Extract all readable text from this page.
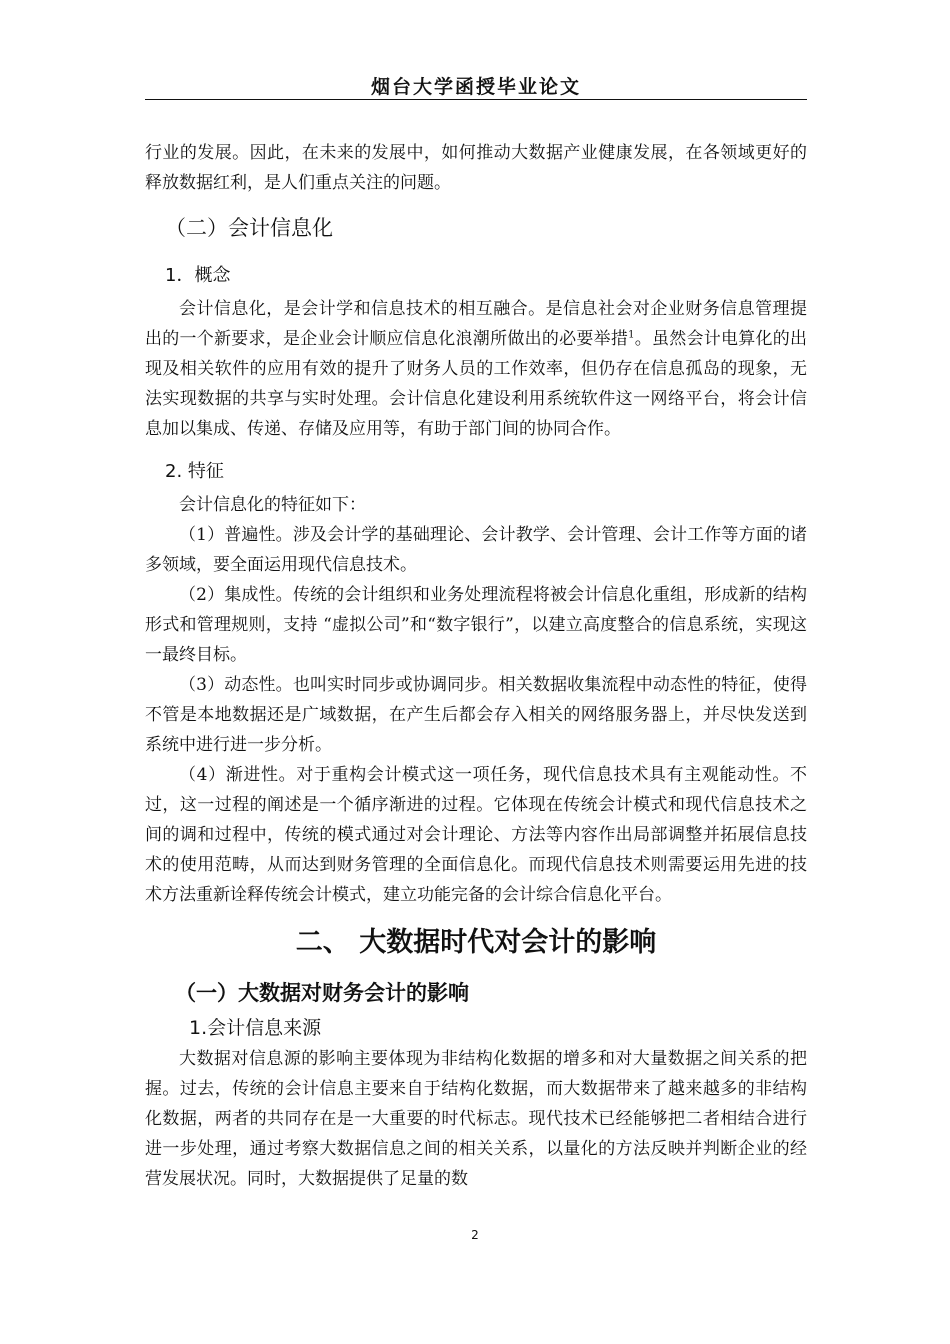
烟台大学函授毕业论文

行业的发展。因此，在未来的发展中，如何推动大数据产业健康发展，在各领域更好的释放数据红利，是人们重点关注的问题。

（二）会计信息化
1．概念

会计信息化，是会计学和信息技术的相互融合。是信息社会对企业财务信息管理提出的一个新要求，是企业会计顺应信息化浪潮所做出的必要举措$^1$。虽然会计电算化的出现及相关软件的应用有效的提升了财务人员的工作效率，但仍存在信息孤岛的现象，无法实现数据的共享与实时处理。会计信息化建设利用系统软件这一网络平台，将会计信息加以集成、传递、存储及应用等，有助于部门间的协同合作。

2. 特征

会计信息化的特征如下：

（1）普遍性。涉及会计学的基础理论、会计教学、会计管理、会计工作等方面的诸多领域，要全面运用现代信息技术。

（2）集成性。传统的会计组织和业务处理流程将被会计信息化重组，形成新的结构形式和管理规则，支持 “虚拟公司”和“数字银行”，以建立高度整合的信息系统，实现这一最终目标。

（3）动态性。也叫实时同步或协调同步。相关数据收集流程中动态性的特征，使得不管是本地数据还是广域数据，在产生后都会存入相关的网络服务器上，并尽快发送到系统中进行进一步分析。

（4）渐进性。对于重构会计模式这一项任务，现代信息技术具有主观能动性。不过，这一过程的阐述是一个循序渐进的过程。它体现在传统会计模式和现代信息技术之间的调和过程中，传统的模式通过对会计理论、方法等内容作出局部调整并拓展信息技术的使用范畴，从而达到财务管理的全面信息化。而现代信息技术则需要运用先进的技术方法重新诠释传统会计模式，建立功能完备的会计综合信息化平台。

二、 大数据时代对会计的影响
（一）大数据对财务会计的影响
1.会计信息来源

大数据对信息源的影响主要体现为非结构化数据的增多和对大量数据之间关系的把握。过去，传统的会计信息主要来自于结构化数据，而大数据带来了越来越多的非结构化数据，两者的共同存在是一大重要的时代标志。现代技术已经能够把二者相结合进行进一步处理，通过考察大数据信息之间的相关关系，以量化的方法反映并判断企业的经营发展状况。同时，大数据提供了足量的数

2
